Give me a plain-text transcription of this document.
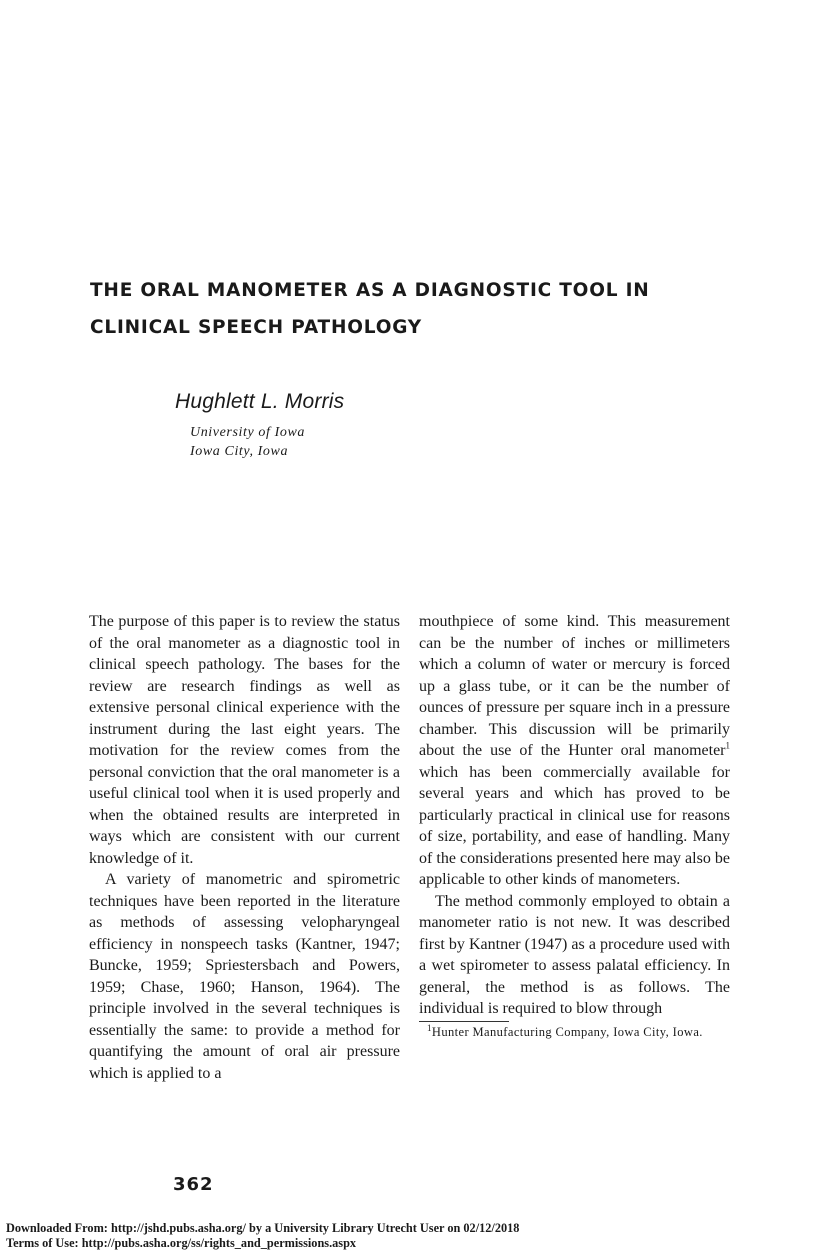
THE ORAL MANOMETER AS A DIAGNOSTIC TOOL IN
CLINICAL SPEECH PATHOLOGY
Hughlett L. Morris
University of Iowa
Iowa City, Iowa

The purpose of this paper is to review the status of the oral manometer as a diagnostic tool in clinical speech pathology. The bases for the review are research findings as well as extensive personal clinical experience with the instrument during the last eight years. The motivation for the review comes from the personal conviction that the oral manometer is a useful clinical tool when it is used properly and when the obtained results are interpreted in ways which are consistent with our current knowledge of it.

A variety of manometric and spirometric techniques have been reported in the literature as methods of assessing velopharyngeal efficiency in nonspeech tasks (Kantner, 1947; Buncke, 1959; Spriestersbach and Powers, 1959; Chase, 1960; Hanson, 1964). The principle involved in the several techniques is essentially the same: to provide a method for quantifying the amount of oral air pressure which is applied to a

mouthpiece of some kind. This measurement can be the number of inches or millimeters which a column of water or mercury is forced up a glass tube, or it can be the number of ounces of pressure per square inch in a pressure chamber. This discussion will be primarily about the use of the Hunter oral manometer$^1$ which has been commercially available for several years and which has proved to be particularly practical in clinical use for reasons of size, portability, and ease of handling. Many of the considerations presented here may also be applicable to other kinds of manometers.

The method commonly employed to obtain a manometer ratio is not new. It was described first by Kantner (1947) as a procedure used with a wet spirometer to assess palatal efficiency. In general, the method is as follows. The individual is required to blow through

$^1$Hunter Manufacturing Company, Iowa City, Iowa.

362
Downloaded From: http://jshd.pubs.asha.org/ by a University Library Utrecht User on 02/12/2018
Terms of Use: http://pubs.asha.org/ss/rights_and_permissions.aspx
